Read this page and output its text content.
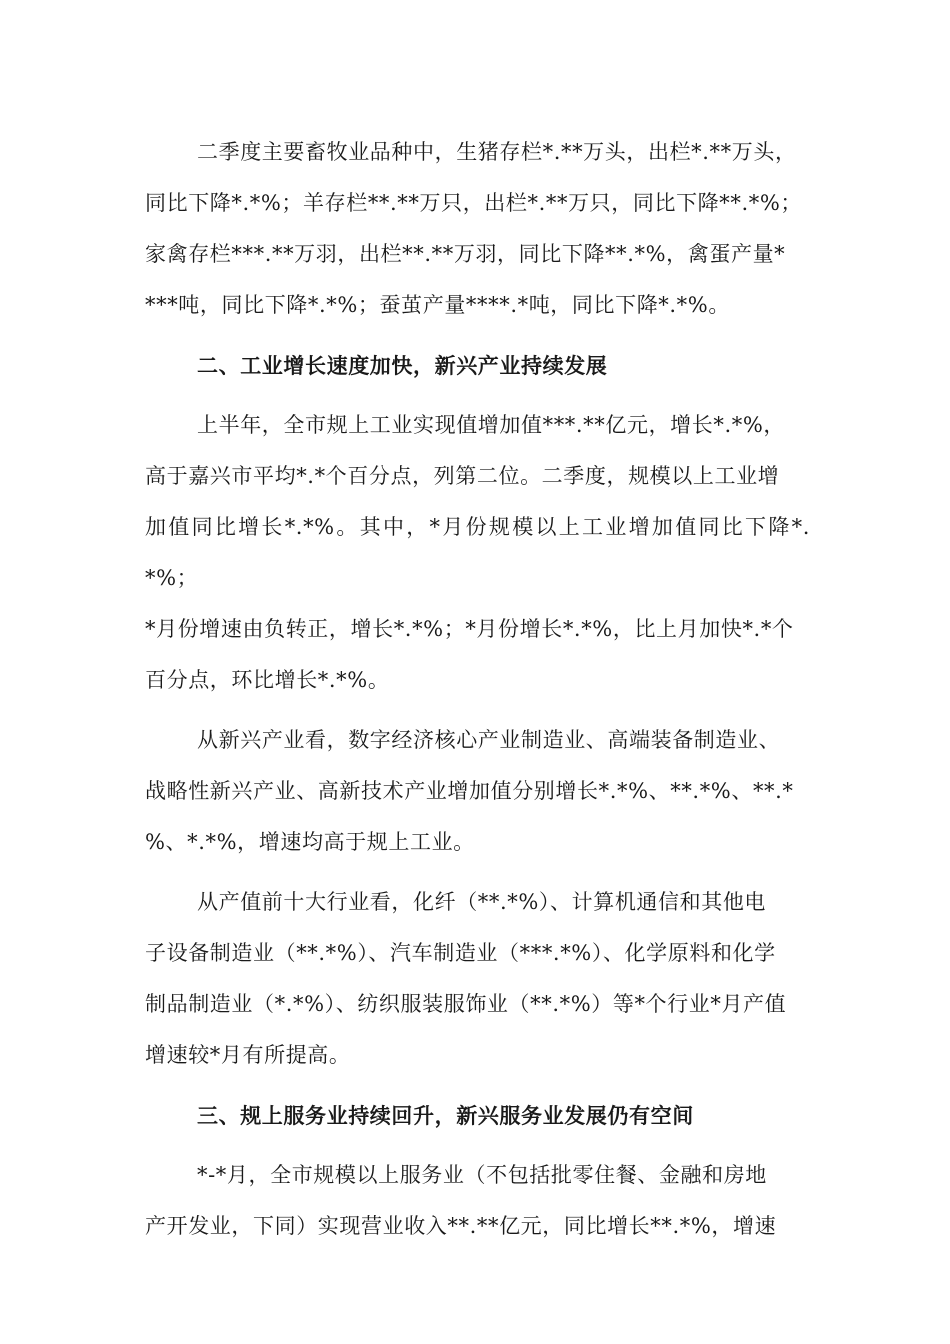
二季度主要畜牧业品种中，生猪存栏*.**万头，出栏*.**万头，
同比下降*.*%；羊存栏**.**万只，出栏*.**万只，同比下降**.*%；
家禽存栏***.**万羽，出栏**.**万羽，同比下降**.*%，禽蛋产量*
***吨，同比下降*.*%；蚕茧产量****.*吨，同比下降*.*%。

二、工业增长速度加快，新兴产业持续发展

上半年，全市规上工业实现值增加值***.**亿元，增长*.*%，
高于嘉兴市平均*.*个百分点，列第二位。二季度，规模以上工业增
加值同比增长*.*%。其中，*月份规模以上工业增加值同比下降*.*%；
*月份增速由负转正，增长*.*%；*月份增长*.*%，比上月加快*.*个
百分点，环比增长*.*%。

从新兴产业看，数字经济核心产业制造业、高端装备制造业、
战略性新兴产业、高新技术产业增加值分别增长*.*%、**.*%、**.*
%、*.*%，增速均高于规上工业。

从产值前十大行业看，化纤（**.*%）、计算机通信和其他电
子设备制造业（**.*%）、汽车制造业（***.*%）、化学原料和化学
制品制造业（*.*%）、纺织服装服饰业（**.*%）等*个行业*月产值
增速较*月有所提高。

三、规上服务业持续回升，新兴服务业发展仍有空间

*-*月，全市规模以上服务业（不包括批零住餐、金融和房地
产开发业，下同）实现营业收入**.**亿元，同比增长**.*%，增速
